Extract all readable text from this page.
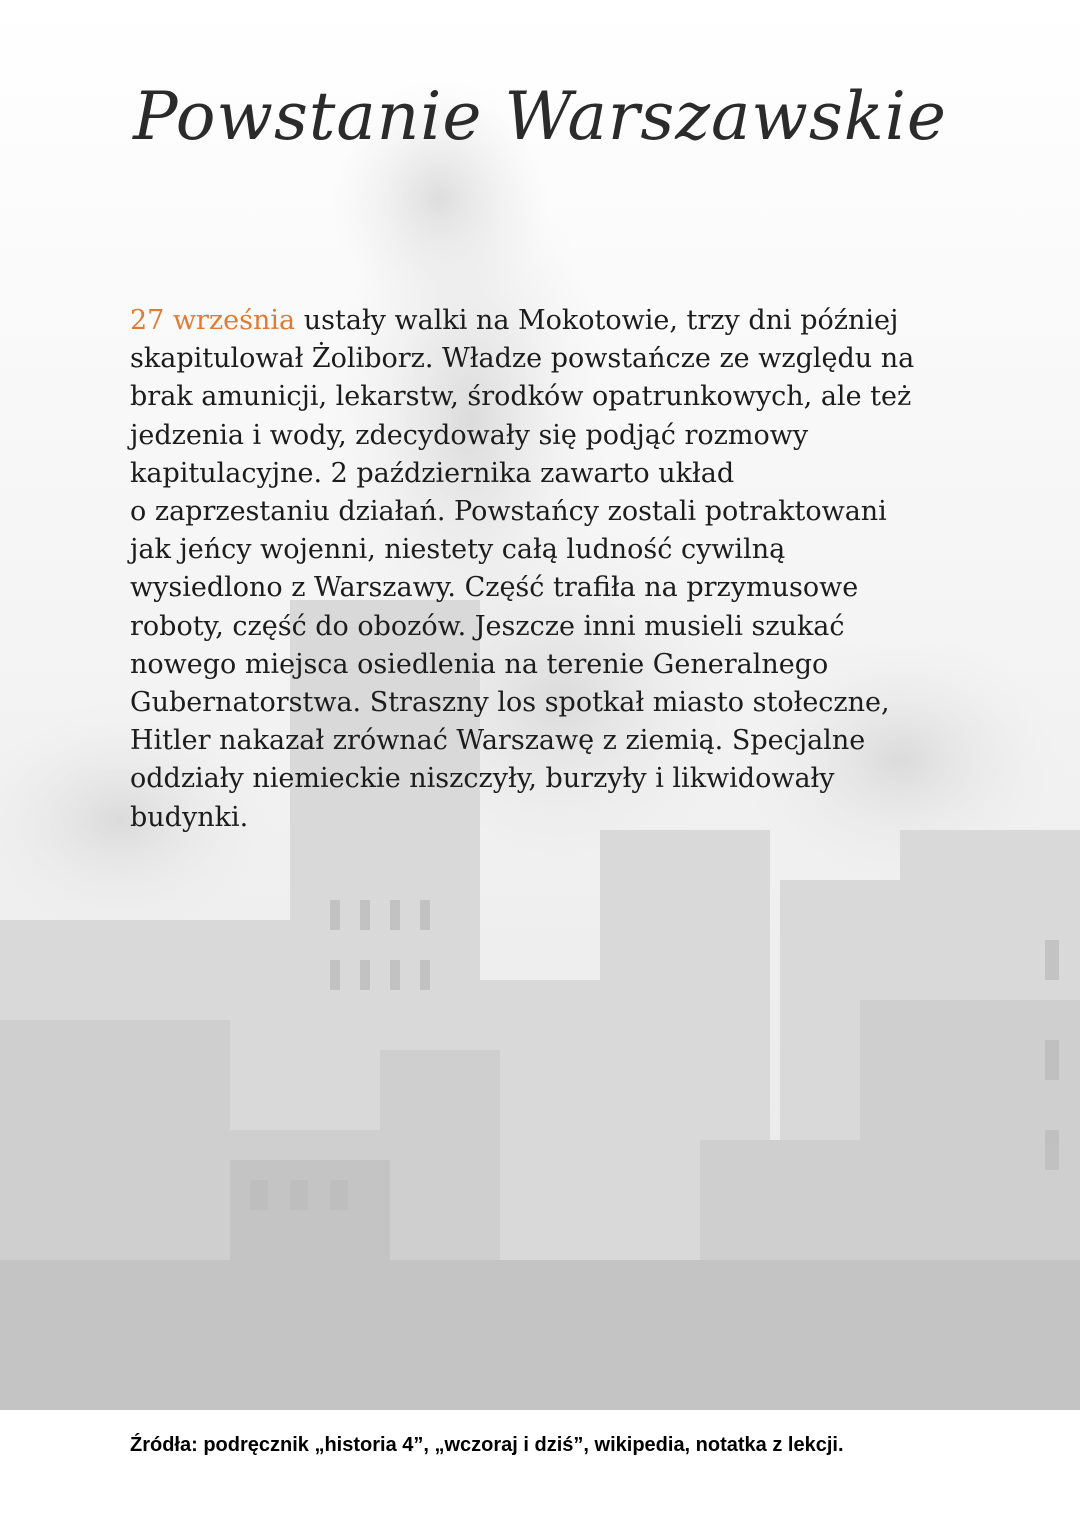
Powstanie Warszawskie
27 września ustały walki na Mokotowie, trzy dni później
skapitulował Żoliborz. Władze powstańcze ze względu na
brak amunicji, lekarstw, środków opatrunkowych, ale też
jedzenia i wody, zdecydowały się podjąć rozmowy
kapitulacyjne. 2 października zawarto układ
o zaprzestaniu działań. Powstańcy zostali potraktowani
jak jeńcy wojenni, niestety całą ludność cywilną
wysiedlono z Warszawy. Część trafiła na przymusowe
roboty, część do obozów. Jeszcze inni musieli szukać
nowego miejsca osiedlenia na terenie Generalnego
Gubernatorstwa. Straszny los spotkał miasto stołeczne,
Hitler nakazał zrównać Warszawę z ziemią. Specjalne
oddziały niemieckie niszczyły, burzyły i likwidowały
budynki.
Źródła: podręcznik „historia 4”, „wczoraj i dziś”, wikipedia, notatka z lekcji.
